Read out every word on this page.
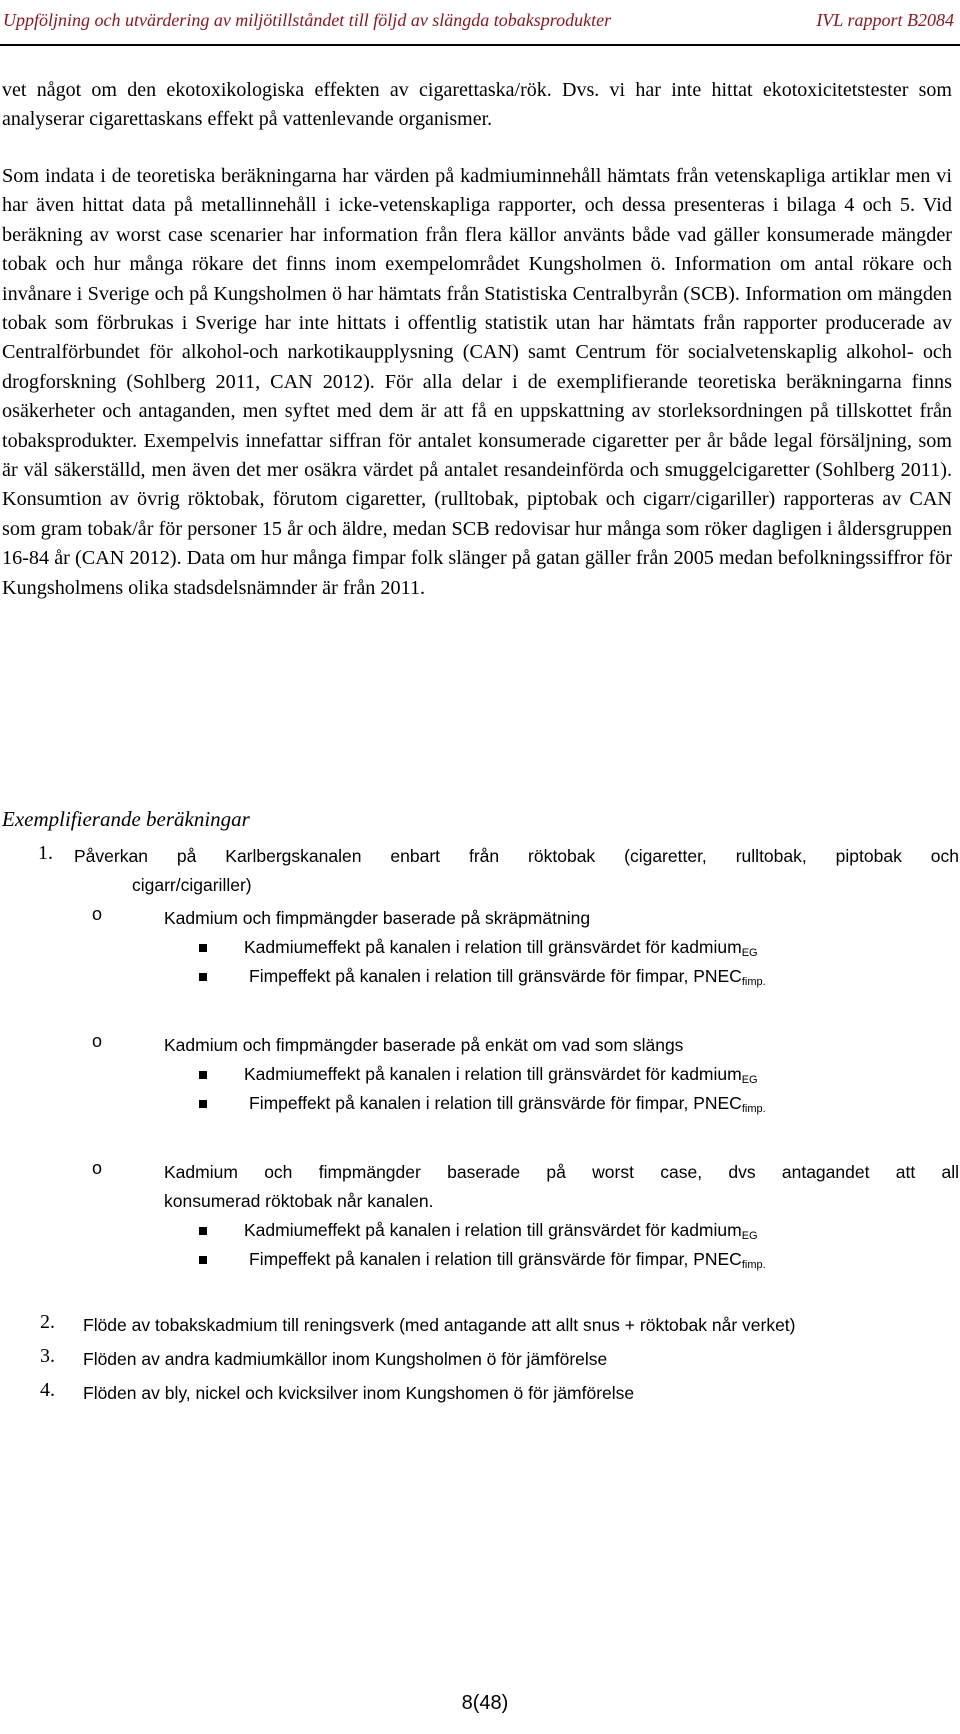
Uppföljning och utvärdering av miljötillståndet till följd av slängda tobaksprodukter	IVL rapport B2084

vet något om den ekotoxikologiska effekten av cigarettaska/rök. Dvs. vi har inte hittat ekotoxicitetstester som analyserar cigarettaskans effekt på vattenlevande organismer.

Som indata i de teoretiska beräkningarna har värden på kadmiuminnehåll hämtats från vetenskapliga artiklar men vi har även hittat data på metallinnehåll i icke-vetenskapliga rapporter, och dessa presenteras i bilaga 4 och 5. Vid beräkning av worst case scenarier har information från flera källor använts både vad gäller konsumerade mängder tobak och hur många rökare det finns inom exempelområdet Kungsholmen ö. Information om antal rökare och invånare i Sverige och på Kungsholmen ö har hämtats från Statistiska Centralbyrån (SCB). Information om mängden tobak som förbrukas i Sverige har inte hittats i offentlig statistik utan har hämtats från rapporter producerade av Centralförbundet för alkohol-och narkotikaupplysning (CAN) samt Centrum för socialvetenskaplig alkohol- och drogforskning (Sohlberg 2011, CAN 2012). För alla delar i de exemplifierande teoretiska beräkningarna finns osäkerheter och antaganden, men syftet med dem är att få en uppskattning av storleksordningen på tillskottet från tobaksprodukter. Exempelvis innefattar siffran för antalet konsumerade cigaretter per år både legal försäljning, som är väl säkerställd, men även det mer osäkra värdet på antalet resandeinförda och smuggelcigaretter (Sohlberg 2011). Konsumtion av övrig röktobak, förutom cigaretter, (rulltobak, piptobak och cigarr/cigariller) rapporteras av CAN som gram tobak/år för personer 15 år och äldre, medan SCB redovisar hur många som röker dagligen i åldersgruppen 16-84 år (CAN 2012). Data om hur många fimpar folk slänger på gatan gäller från 2005 medan befolkningssiffror för Kungsholmens olika stadsdelsnämnder är från 2011.

Exemplifierande beräkningar
1. Påverkan på Karlbergskanalen enbart från röktobak (cigaretter, rulltobak, piptobak och
cigarr/cigariller)
o	Kadmium och fimpmängder baserade på skräpmätning
Kadmiumeffekt på kanalen i relation till gränsvärdet för kadmium$_{EG}$
Fimpeffekt på kanalen i relation till gränsvärde för fimpar, $PNEC_{fimp.}$
o	Kadmium och fimpmängder baserade på enkät om vad som slängs
Kadmiumeffekt på kanalen i relation till gränsvärdet för kadmium$_{EG}$
Fimpeffekt på kanalen i relation till gränsvärde för fimpar, $PNEC_{fimp.}$
o	Kadmium och fimpmängder baserade på worst case, dvs antagandet att all
konsumerad röktobak når kanalen.
Kadmiumeffekt på kanalen i relation till gränsvärdet för kadmium$_{EG}$
Fimpeffekt på kanalen i relation till gränsvärde för fimpar, $PNEC_{fimp.}$
2. Flöde av tobakskadmium till reningsverk (med antagande att allt snus + röktobak når verket)
3. Flöden av andra kadmiumkällor inom Kungsholmen ö för jämförelse
4. Flöden av bly, nickel och kvicksilver inom Kungshomen ö för jämförelse
8(48)
